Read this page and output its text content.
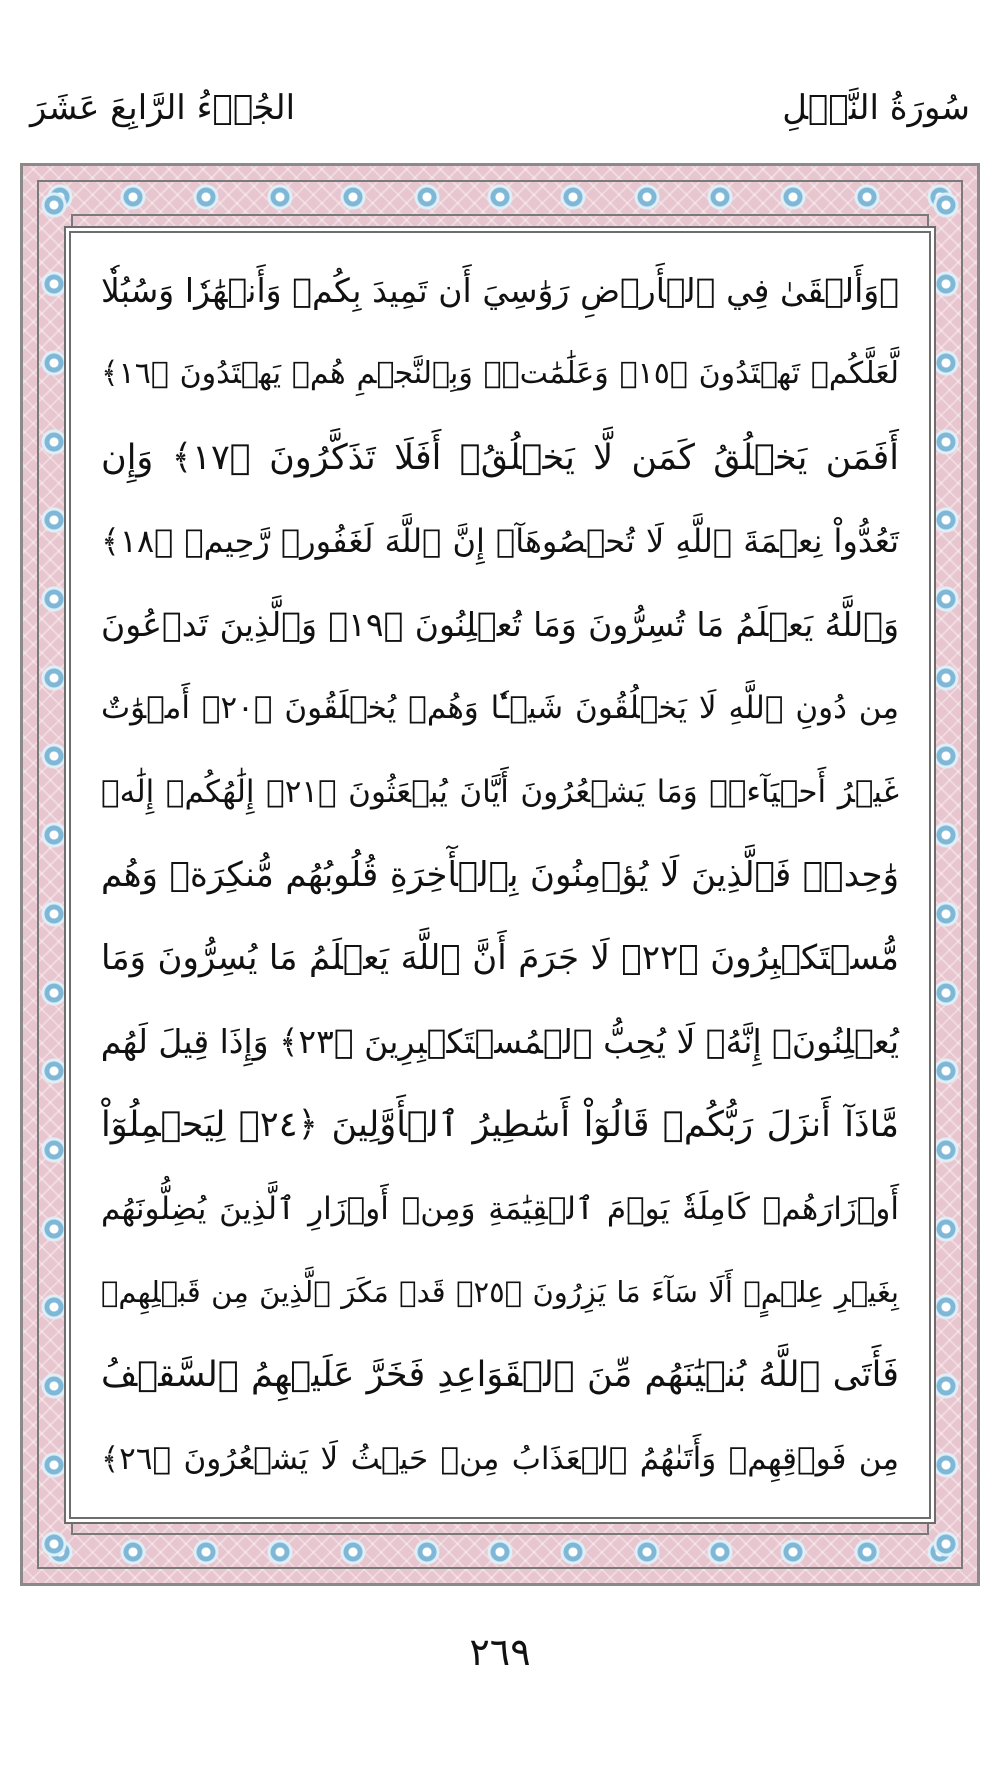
سُورَةُ النَّحۡلِ
الجُزۡءُ الرَّابِعَ عَشَرَ
۞وَأَلۡقَىٰ فِي ٱلۡأَرۡضِ رَوَٰسِيَ أَن تَمِيدَ بِكُمۡ وَأَنۡهَٰرٗا وَسُبُلٗا
لَّعَلَّكُمۡ تَهۡتَدُونَ ﴿١٥﴾ وَعَلَٰمَٰتٖۚ وَبِٱلنَّجۡمِ هُمۡ يَهۡتَدُونَ ﴿١٦﴾
أَفَمَن يَخۡلُقُ كَمَن لَّا يَخۡلُقُۚ أَفَلَا تَذَكَّرُونَ ﴿١٧﴾ وَإِن
تَعُدُّواْ نِعۡمَةَ ٱللَّهِ لَا تُحۡصُوهَآۗ إِنَّ ٱللَّهَ لَغَفُورٞ رَّحِيمٞ ﴿١٨﴾
وَٱللَّهُ يَعۡلَمُ مَا تُسِرُّونَ وَمَا تُعۡلِنُونَ ﴿١٩﴾ وَٱلَّذِينَ تَدۡعُونَ
مِن دُونِ ٱللَّهِ لَا يَخۡلُقُونَ شَيۡـٔٗا وَهُمۡ يُخۡلَقُونَ ﴿٢٠﴾ أَمۡوَٰتٌ
غَيۡرُ أَحۡيَآءٖۖ وَمَا يَشۡعُرُونَ أَيَّانَ يُبۡعَثُونَ ﴿٢١﴾ إِلَٰهُكُمۡ إِلَٰهٞ
وَٰحِدٞۚ فَٱلَّذِينَ لَا يُؤۡمِنُونَ بِٱلۡأٓخِرَةِ قُلُوبُهُم مُّنكِرَةٞ وَهُم
مُّسۡتَكۡبِرُونَ ﴿٢٢﴾ لَا جَرَمَ أَنَّ ٱللَّهَ يَعۡلَمُ مَا يُسِرُّونَ وَمَا
يُعۡلِنُونَۚ إِنَّهُۥ لَا يُحِبُّ ٱلۡمُسۡتَكۡبِرِينَ ﴿٢٣﴾ وَإِذَا قِيلَ لَهُم
مَّاذَآ أَنزَلَ رَبُّكُمۡ قَالُوٓاْ أَسَٰطِيرُ ٱلۡأَوَّلِينَ ﴿٢٤﴾ لِيَحۡمِلُوٓاْ
أَوۡزَارَهُمۡ كَامِلَةٗ يَوۡمَ ٱلۡقِيَٰمَةِ وَمِنۡ أَوۡزَارِ ٱلَّذِينَ يُضِلُّونَهُم
بِغَيۡرِ عِلۡمٍۗ أَلَا سَآءَ مَا يَزِرُونَ ﴿٢٥﴾ قَدۡ مَكَرَ ٱلَّذِينَ مِن قَبۡلِهِمۡ
فَأَتَى ٱللَّهُ بُنۡيَٰنَهُم مِّنَ ٱلۡقَوَاعِدِ فَخَرَّ عَلَيۡهِمُ ٱلسَّقۡفُ
مِن فَوۡقِهِمۡ وَأَتَىٰهُمُ ٱلۡعَذَابُ مِنۡ حَيۡثُ لَا يَشۡعُرُونَ ﴿٢٦﴾
٢٦٩
